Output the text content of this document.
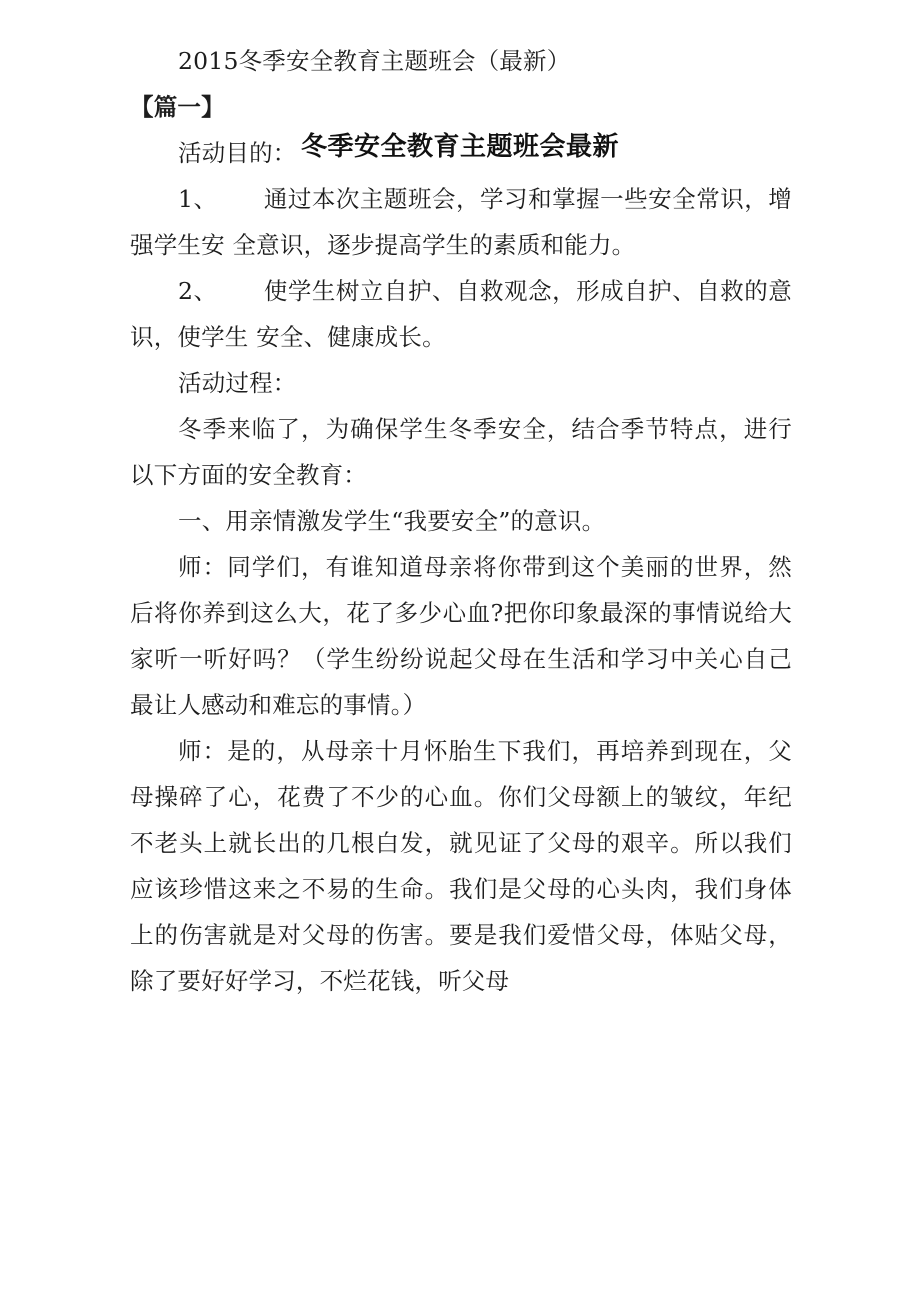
冬季安全教育主题班会最新

2015冬季安全教育主题班会（最新）

【篇一】

活动目的：

1、 通过本次主题班会，学习和掌握一些安全常识，增强学生安 全意识，逐步提高学生的素质和能力。

2、 使学生树立自护、自救观念，形成自护、自救的意识，使学生 安全、健康成长。

活动过程：

冬季来临了，为确保学生冬季安全，结合季节特点，进行以下方面的安全教育：

一、用亲情激发学生“我要安全”的意识。

师：同学们，有谁知道母亲将你带到这个美丽的世界，然后将你养到这么大，花了多少心血?把你印象最深的事情说给大家听一听好吗？（学生纷纷说起父母在生活和学习中关心自己最让人感动和难忘的事情。）

师：是的，从母亲十月怀胎生下我们，再培养到现在，父母操碎了心，花费了不少的心血。你们父母额上的皱纹，年纪不老头上就长出的几根白发，就见证了父母的艰辛。所以我们应该珍惜这来之不易的生命。我们是父母的心头肉，我们身体上的伤害就是对父母的伤害。要是我们爱惜父母，体贴父母，除了要好好学习，不烂花钱，听父母
